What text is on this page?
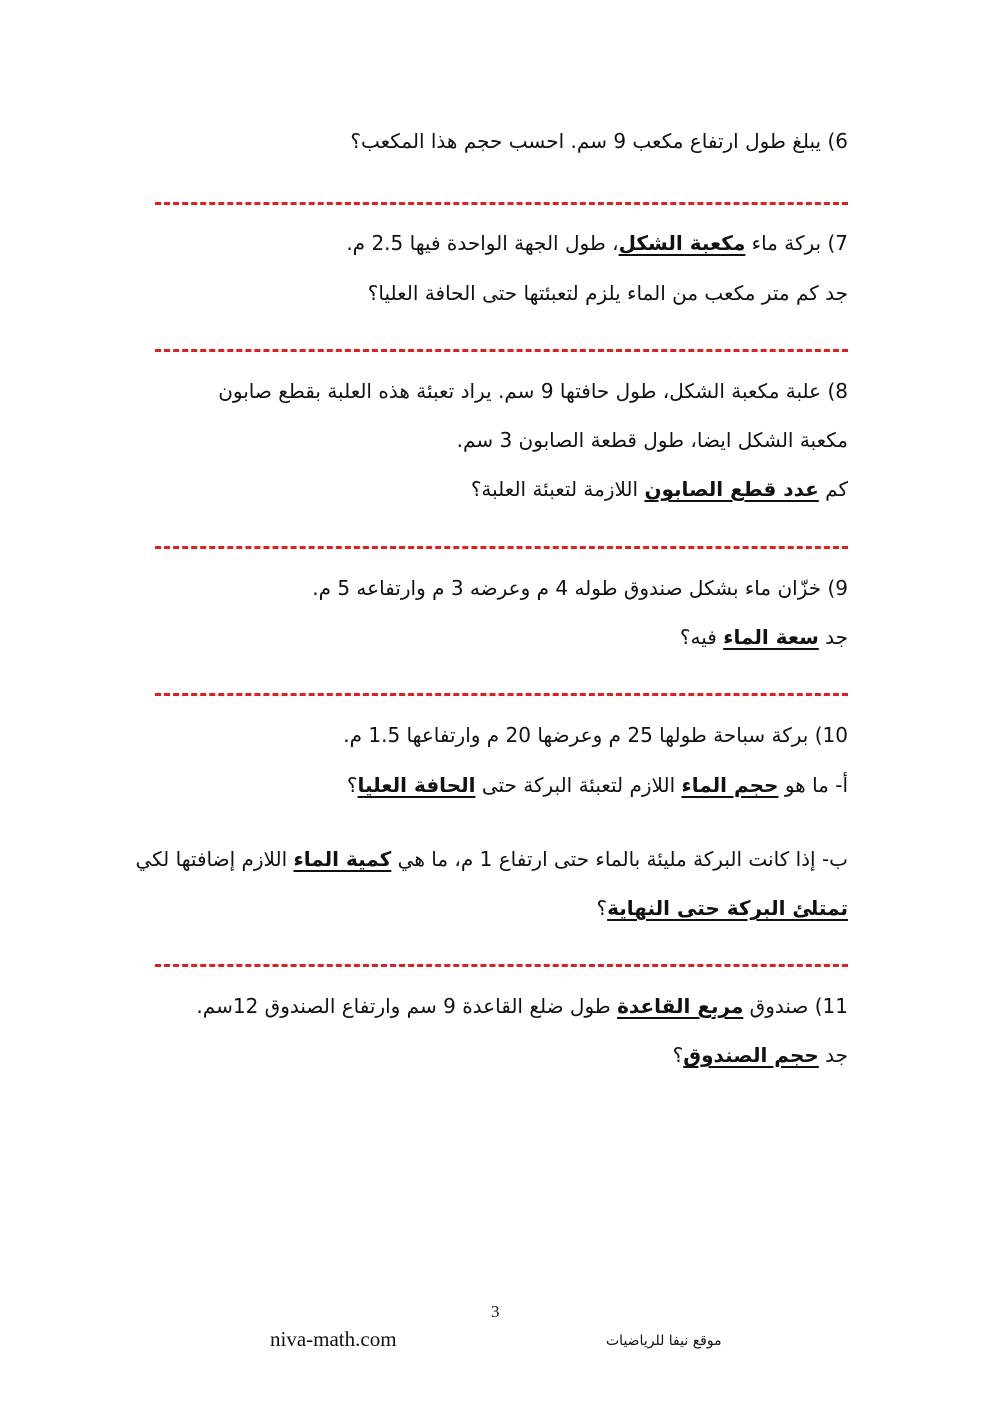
6) يبلغ طول ارتفاع مكعب 9 سم. احسب حجم هذا المكعب؟
7) بركة ماء مكعبة الشكل، طول الجهة الواحدة فيها 2.5 م.
جد كم متر مكعب من الماء يلزم لتعبئتها حتى الحافة العليا؟
8) علبة مكعبة الشكل، طول حافتها 9 سم. يراد تعبئة هذه العلبة بقطع صابون
مكعبة الشكل ايضا، طول قطعة الصابون 3 سم.
كم عدد قطع الصابون اللازمة لتعبئة العلبة؟
9) خزّان ماء بشكل صندوق طوله 4 م وعرضه 3 م وارتفاعه 5 م.
جد سعة الماء فيه؟
10) بركة سباحة طولها 25 م وعرضها 20 م وارتفاعها 1.5 م.
أ- ما هو حجم الماء اللازم لتعبئة البركة حتى الحافة العليا؟
ب- إذا كانت البركة مليئة بالماء حتى ارتفاع 1 م، ما هي كمية الماء اللازم إضافتها لكي
تمتلئ البركة حتى النهاية؟
11) صندوق مربع القاعدة طول ضلع القاعدة 9 سم وارتفاع الصندوق 12سم.
جد حجم الصندوق؟
3
niva-math.com	موقع نيفا للرياضيات
